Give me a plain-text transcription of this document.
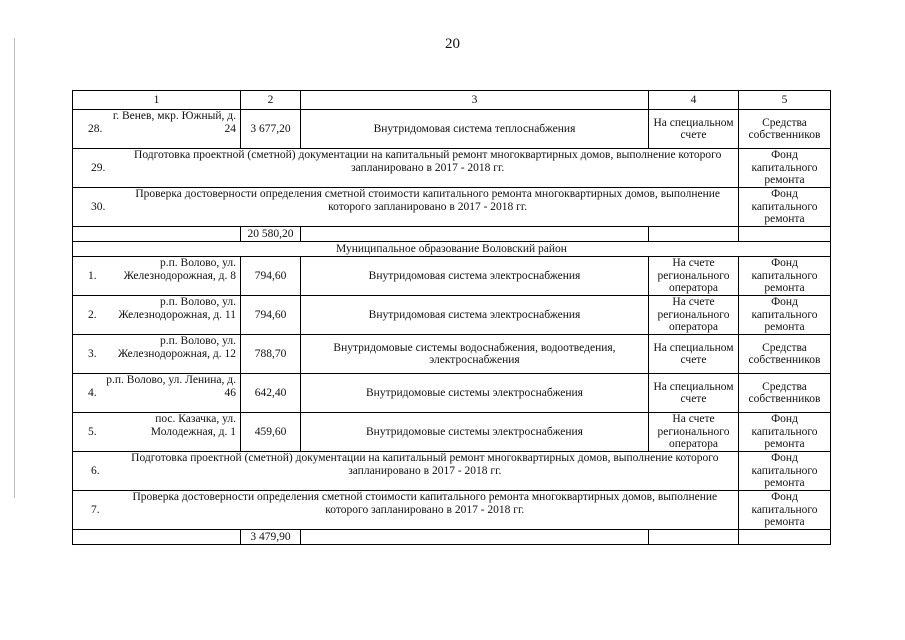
20
1	2	3	4	5

28.
г. Венев, мкр. Южный, д. 24	3 677,20	Внутридомовая система теплоснабжения	На специальном счете	Средства собственников

29.
Подготовка проектной (сметной) документации на капитальный ремонт многоквартирных домов, выполнение которого запланировано в 2017 - 2018 гг.				Фонд капитального ремонта

30.
Проверка достоверности определения сметной стоимости капитального ремонта многоквартирных домов, выполнение которого запланировано в 2017 - 2018 гг.				Фонд капитального ремонта
	20 580,20			
Муниципальное образование Воловский район				

1.
р.п. Волово, ул. Железнодорожная, д. 8	794,60	Внутридомовая система электроснабжения	На счете регионального оператора	Фонд капитального ремонта

2.
р.п. Волово, ул. Железнодорожная, д. 11	794,60	Внутридомовая система электроснабжения	На счете регионального оператора	Фонд капитального ремонта

3.
р.п. Волово, ул. Железнодорожная, д. 12	788,70	Внутридомовые системы водоснабжения, водоотведения, электроснабжения	На специальном счете	Средства собственников

4.
р.п. Волово, ул. Ленина, д. 46	642,40	Внутридомовые системы электроснабжения	На специальном счете	Средства собственников

5.
пос. Казачка, ул. Молодежная, д. 1	459,60	Внутридомовые системы электроснабжения	На счете регионального оператора	Фонд капитального ремонта

6.
Подготовка проектной (сметной) документации на капитальный ремонт многоквартирных домов, выполнение которого запланировано в 2017 - 2018 гг.				Фонд капитального ремонта

7.
Проверка достоверности определения сметной стоимости капитального ремонта многоквартирных домов, выполнение которого запланировано в 2017 - 2018 гг.				Фонд капитального ремонта
	3 479,90			
